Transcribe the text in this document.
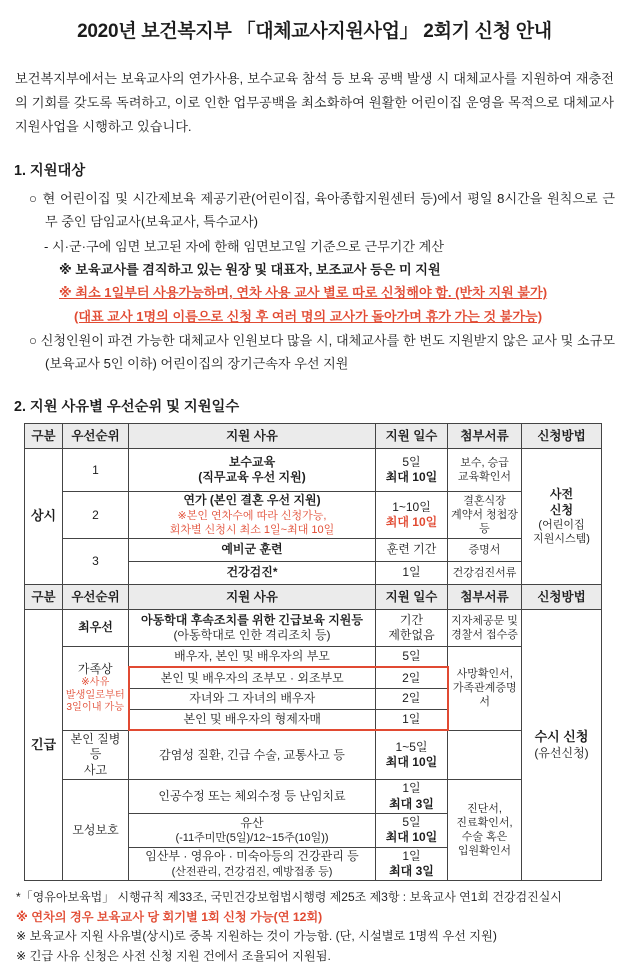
2020년 보건복지부 「대체교사지원사업」 2회기 신청 안내

보건복지부에서는 보육교사의 연가사용, 보수교육 참석 등 보육 공백 발생 시 대체교사를 지원하여 재충전의 기회를 갖도록 독려하고, 이로 인한 업무공백을 최소화하여 원활한 어린이집 운영을 목적으로 대체교사지원사업을 시행하고 있습니다.

1. 지원대상
○ 현 어린이집 및 시간제보육 제공기관(어린이집, 육아종합지원센터 등)에서 평일 8시간을 원칙으로 근무 중인 담임교사(보육교사, 특수교사)
- 시·군·구에 임면 보고된 자에 한해 임면보고일 기준으로 근무기간 계산
※ 보육교사를 겸직하고 있는 원장 및 대표자, 보조교사 등은 미 지원
※ 최소 1일부터 사용가능하며, 연차 사용 교사 별로 따로 신청해야 함. (반차 지원 불가)
(대표 교사 1명의 이름으로 신청 후 여러 명의 교사가 돌아가며 휴가 가는 것 불가능)
○ 신청인원이 파견 가능한 대체교사 인원보다 많을 시, 대체교사를 한 번도 지원받지 않은 교사 및 소규모(보육교사 5인 이하) 어린이집의 장기근속자 우선 지원
2. 지원 사유별 우선순위 및 지원일수
구분	우선순위	지원 사유	지원 일수	첨부서류	신청방법
상시	1	보수교육
(직무교육 우선 지원)	5일
최대 10일	보수, 승급
교육확인서	사전
신청
(어린이집
지원시스템)

	2	연가 (본인 결혼 우선 지원)
※본인 연차수에 따라 신청가능,
회차별 신청시 최소 1일~최대 10일	1~10일
최대 10일	결혼식장
계약서 청첩장 등	

	3	예비군 훈련	훈련 기간	증명서	
		건강검진*	1일	건강검진서류	
구분	우선순위	지원 사유	지원 일수	첨부서류	신청방법
긴급	최우선	아동학대 후속조치를 위한 긴급보육 지원등
(아동학대로 인한 격리조치 등)	기간
제한없음	지자체공문 및
경찰서 접수증	수시 신청
(유선신청)

	가족상
※사유
발생일로부터
3일이내 가능	배우자, 본인 및 배우자의 부모	5일	사망확인서,
가족관계증명서	

		본인 및 배우자의 조부모 · 외조부모	2일		
		자녀와 그 자녀의 배우자	2일		
		본인 및 배우자의 형제자매	1일		

	본인 질병 등
사고	감염성 질환, 긴급 수술, 교통사고 등	1~5일
최대 10일		

	모성보호	인공수정 또는 체외수정 등 난임치료	1일
최대 3일	진단서,
진료확인서,
수술 혹은
입원확인서	

		유산
(-11주미만(5일)/12~15주(10일))	5일
최대 10일		

		임산부 · 영유아 · 미숙아등의 건강관리 등
(산전관리, 건강검진, 예방접종 등)	1일
최대 3일		
*「영유아보육법」 시행규칙 제33조, 국민건강보험법시행령 제25조 제3항 : 보육교사 연1회 건강검진실시
※ 연차의 경우 보육교사 당 회기별 1회 신청 가능(연 12회)
※ 보육교사 지원 사유별(상시)로 중복 지원하는 것이 가능함. (단, 시설별로 1명씩 우선 지원)
※ 긴급 사유 신청은 사전 신청 지원 건에서 조율되어 지원됨.
